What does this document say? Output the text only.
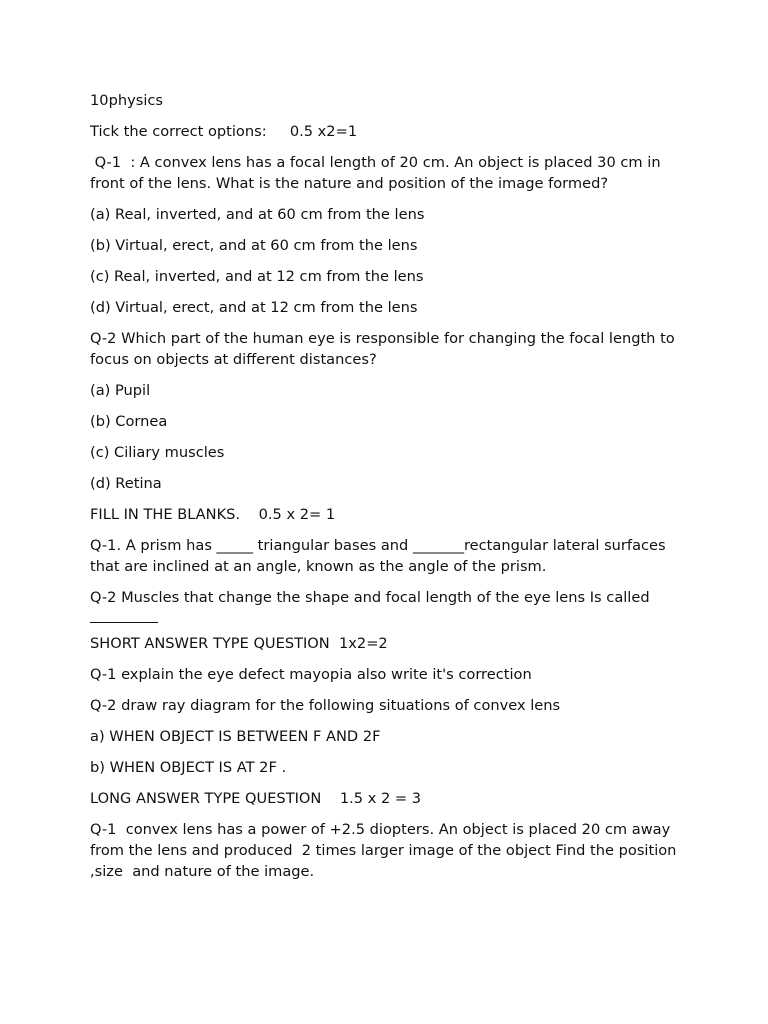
10physics

Tick the correct options:     0.5 x2=1

Q-1  : A convex lens has a focal length of 20 cm. An object is placed 30 cm in front of the lens. What is the nature and position of the image formed?

(a) Real, inverted, and at 60 cm from the lens

(b) Virtual, erect, and at 60 cm from the lens

(c) Real, inverted, and at 12 cm from the lens

(d) Virtual, erect, and at 12 cm from the lens

Q-2 Which part of the human eye is responsible for changing the focal length to focus on objects at different distances?

(a) Pupil

(b) Cornea

(c) Ciliary muscles

(d) Retina

FILL IN THE BLANKS.    0.5 x 2= 1

Q-1. A prism has _____ triangular bases and _______rectangular lateral surfaces that are inclined at an angle, known as the angle of the prism.

Q-2 Muscles that change the shape and focal length of the eye lens Is called

SHORT ANSWER TYPE QUESTION  1x2=2

Q-1 explain the eye defect mayopia also write it's correction

Q-2 draw ray diagram for the following situations of convex lens

a) WHEN OBJECT IS BETWEEN F AND 2F

b) WHEN OBJECT IS AT 2F .

LONG ANSWER TYPE QUESTION    1.5 x 2 = 3

Q-1  convex lens has a power of +2.5 diopters. An object is placed 20 cm away from the lens and produced  2 times larger image of the object Find the position ,size  and nature of the image.
